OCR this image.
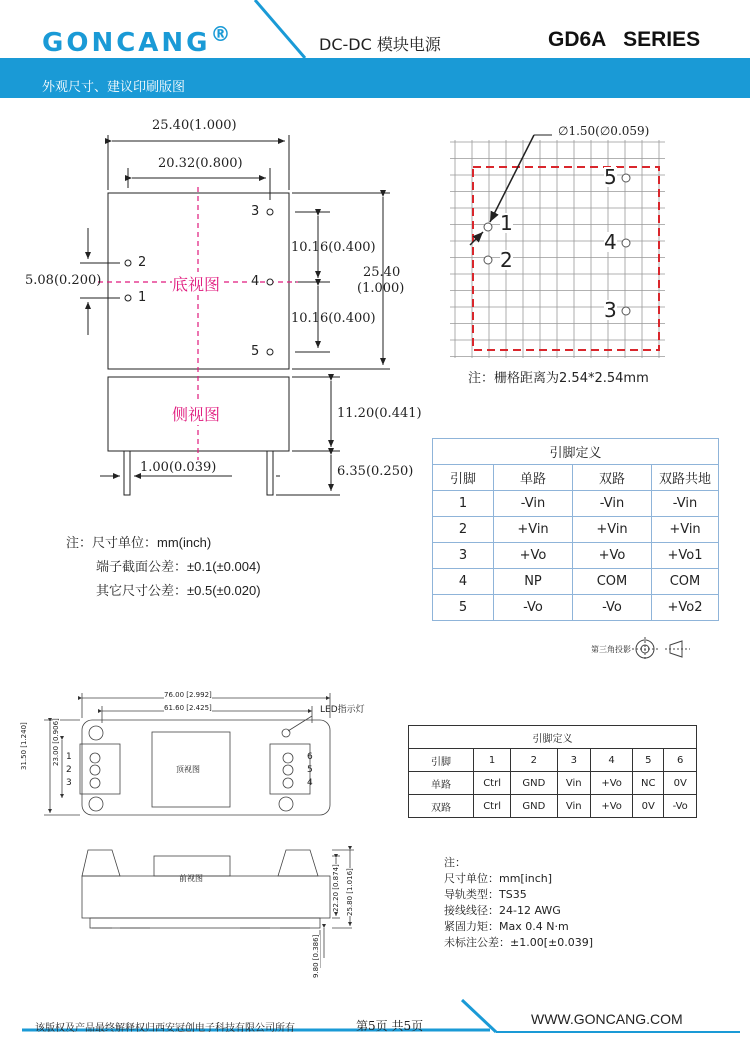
GONCANG®	DC-DC 模块电源	GD6A   SERIES
外观尺寸、建议印刷版图
25.40(1.000)
20.32(0.800)
5.08(0.200)
10.16(0.400)
10.16(0.400)
25.40
(1.000)
底视图
侧视图	11.20(0.441)
6.35(0.250)
1.00(0.039)
3
4
5
2
1
∅1.50(∅0.059)
1
2
5
4
3
注：栅格距离为2.54*2.54mm
注：尺寸单位：mm(inch)
端子截面公差：±0.1(±0.004)
其它尺寸公差：±0.5(±0.020)
引脚定义			
引脚	单路	双路	双路共地
1	-Vin	-Vin	-Vin
2	+Vin	+Vin	+Vin
3	+Vo	+Vo	+Vo1
4	NP	COM	COM
5	-Vo	-Vo	+Vo2
第三角投影
76.00 [2.992]
61.60 [2.425]	LED指示灯
31.50 [1.240]	23.00 [0.906]
顶视图
前视图	22.20 [0.874] 25.80 [1.016]
9.80 [0.386]
1
2
3
6
5
4
引脚定义						
引脚	1	2	3	4	5	6
单路	Ctrl	GND	Vin	+Vo	NC	0V
双路	Ctrl	GND	Vin	+Vo	0V	-Vo
注：
尺寸单位：mm[inch]
导轨类型：TS35
接线线径：24-12 AWG
紧固力矩：Max 0.4 N·m
未标注公差：±1.00[±0.039]
该版权及产品最终解释权归西安冠创电子科技有限公司所有	第5页 共5页	WWW.GONCANG.COM
